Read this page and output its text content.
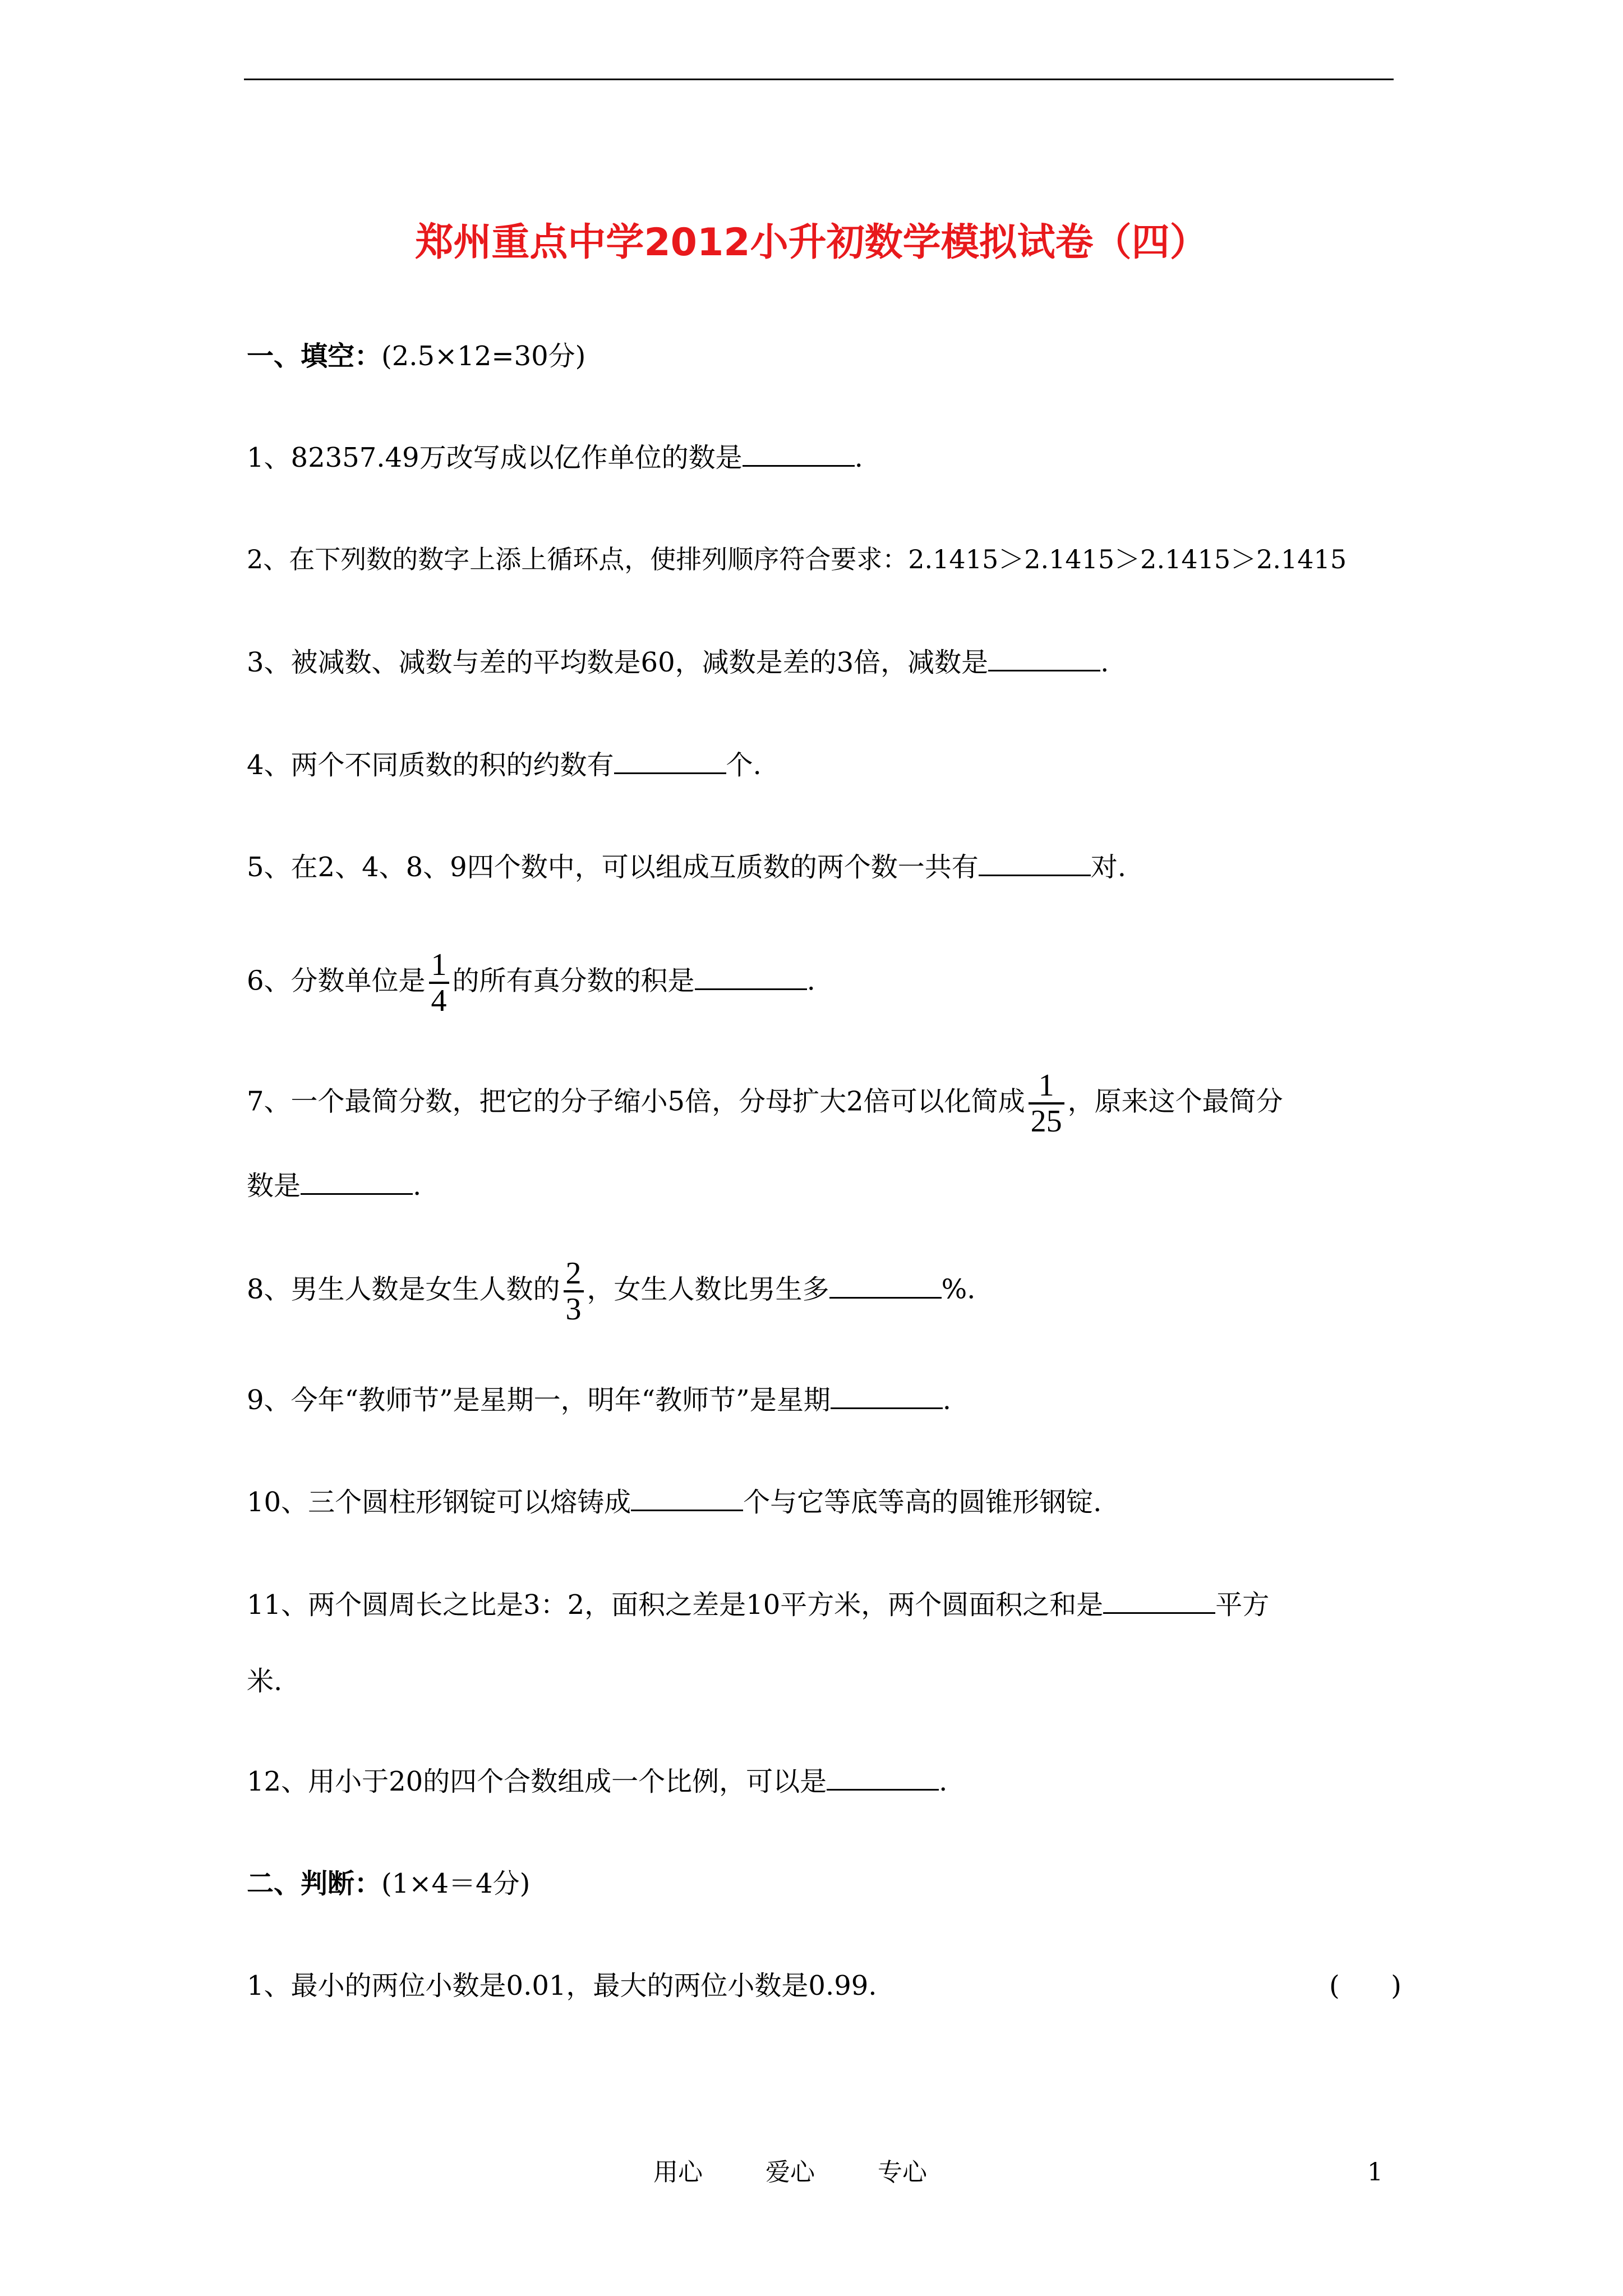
郑州重点中学2012小升初数学模拟试卷（四）
一、填空：(2.5×12=30分)
1、82357.49万改写成以亿作单位的数是	.
2、在下列数的数字上添上循环点，使排列顺序符合要求：2.1415＞2.1415＞2.1415＞2.1415
3、被减数、减数与差的平均数是60，减数是差的3倍，减数是	.
4、两个不同质数的积的约数有	个.
5、在2、4、8、9四个数中，可以组成互质数的两个数一共有	对.
6、分数单位是 $\frac{1}{4}$ 的所有真分数的积是	.
7、一个最简分数，把它的分子缩小5倍，分母扩大2倍可以化简成 $\frac{1}{25}$ ，原来这个最简分
数是	.
8、男生人数是女生人数的 $\frac{2}{3}$ ，女生人数比男生多	%.
9、今年“教师节”是星期一，明年“教师节”是星期	.
10、三个圆柱形钢锭可以熔铸成	个与它等底等高的圆锥形钢锭.
11、两个圆周长之比是3：2，面积之差是10平方米，两个圆面积之和是	平方
米.
12、用小于20的四个合数组成一个比例，可以是	.
二、判断：(1×4＝4分)
1、最小的两位小数是0.01，最大的两位小数是0.99.	(      )
用心	爱心	专心	1
